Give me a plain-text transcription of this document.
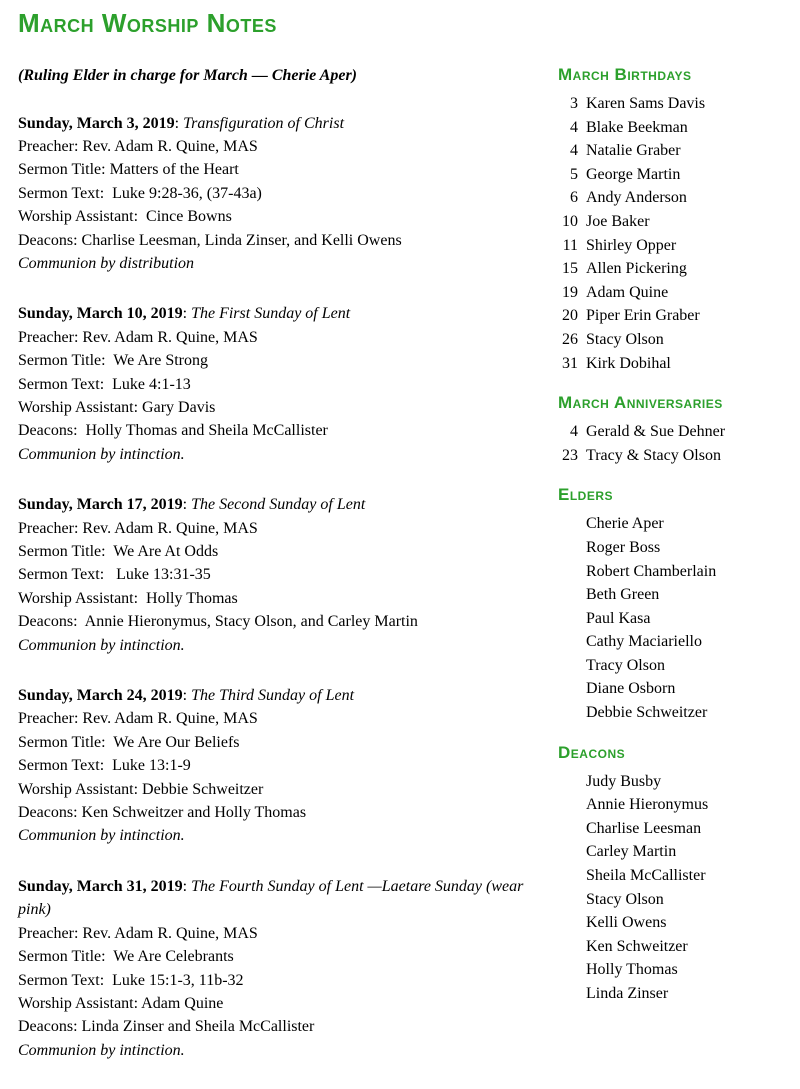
March Worship Notes

(Ruling Elder in charge for March — Cherie Aper)

Sunday, March 3, 2019: Transfiguration of Christ
Preacher: Rev. Adam R. Quine, MAS
Sermon Title: Matters of the Heart
Sermon Text:  Luke 9:28-36, (37-43a)
Worship Assistant:  Cince Bowns
Deacons: Charlise Leesman, Linda Zinser, and Kelli Owens
Communion by distribution
Sunday, March 10, 2019: The First Sunday of Lent
Preacher: Rev. Adam R. Quine, MAS
Sermon Title:  We Are Strong
Sermon Text:  Luke 4:1-13
Worship Assistant: Gary Davis
Deacons:  Holly Thomas and Sheila McCallister
Communion by intinction.
Sunday, March 17, 2019: The Second Sunday of Lent
Preacher: Rev. Adam R. Quine, MAS
Sermon Title:  We Are At Odds
Sermon Text:   Luke 13:31-35
Worship Assistant:  Holly Thomas
Deacons:  Annie Hieronymus, Stacy Olson, and Carley Martin
Communion by intinction.
Sunday, March 24, 2019: The Third Sunday of Lent
Preacher: Rev. Adam R. Quine, MAS
Sermon Title:  We Are Our Beliefs
Sermon Text:  Luke 13:1-9
Worship Assistant: Debbie Schweitzer
Deacons: Ken Schweitzer and Holly Thomas
Communion by intinction.
Sunday, March 31, 2019: The Fourth Sunday of Lent —Laetare Sunday (wear pink)
Preacher: Rev. Adam R. Quine, MAS
Sermon Title:  We Are Celebrants
Sermon Text:  Luke 15:1-3, 11b-32
Worship Assistant: Adam Quine
Deacons: Linda Zinser and Sheila McCallister
Communion by intinction.
March Birthdays
3 Karen Sams Davis
4 Blake Beekman
4 Natalie Graber
5 George Martin
6 Andy Anderson
10 Joe Baker
11 Shirley Opper
15 Allen Pickering
19 Adam Quine
20 Piper Erin Graber
26 Stacy Olson
31 Kirk Dobihal
March Anniversaries
4 Gerald & Sue Dehner
23 Tracy & Stacy Olson
Elders
Cherie Aper
Roger Boss
Robert Chamberlain
Beth Green
Paul Kasa
Cathy Maciariello
Tracy Olson
Diane Osborn
Debbie Schweitzer
Deacons
Judy Busby
Annie Hieronymus
Charlise Leesman
Carley Martin
Sheila McCallister
Stacy Olson
Kelli Owens
Ken Schweitzer
Holly Thomas
Linda Zinser
